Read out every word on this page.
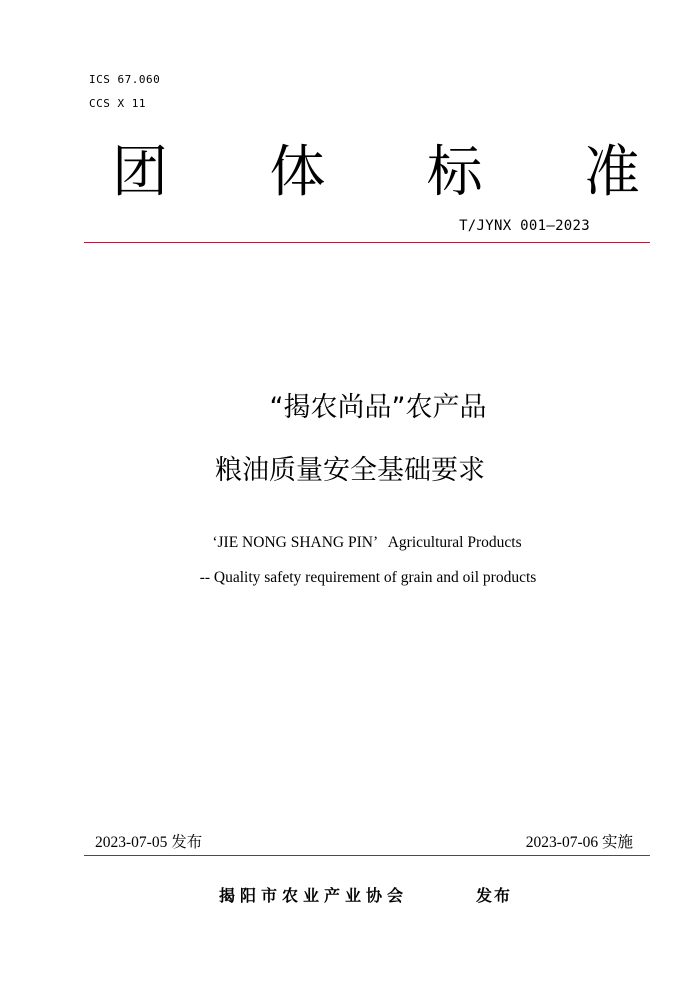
ICS 67.060
CCS X 11
团 体 标 准
T/JYNX 001—2023
“揭农尚品”农产品
粮油质量安全基础要求
‘JIE NONG SHANG PIN’   Agricultural Products
-- Quality safety requirement of grain and oil products
2023-07-05 发布	2023-07-06 实施
揭阳市农业产业协会	发布
